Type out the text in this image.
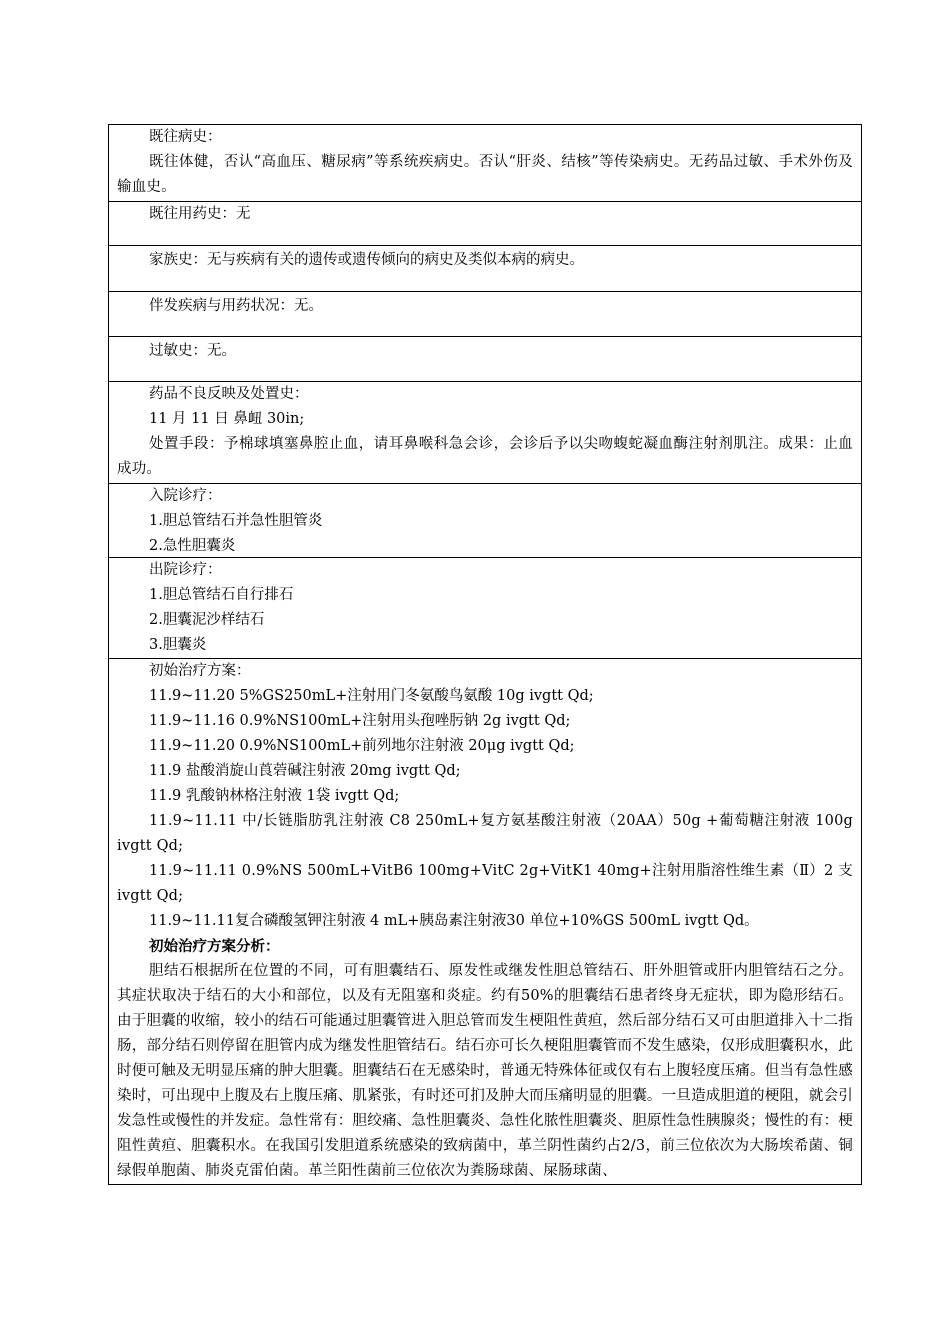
既往病史：
既往体健，否认“高血压、糖尿病”等系统疾病史。否认“肝炎、结核”等传染病史。无药品过敏、手术外伤及输血史。
既往用药史：无
家族史：无与疾病有关的遗传或遗传倾向的病史及类似本病的病史。
伴发疾病与用药状况：无。
过敏史：无。
药品不良反映及处置史：
11 月 11 日 鼻衄 30in;
处置手段：予棉球填塞鼻腔止血，请耳鼻喉科急会诊，会诊后予以尖吻蝮蛇凝血酶注射剂肌注。成果：止血成功。
入院诊疗：
1.胆总管结石并急性胆管炎
2.急性胆囊炎
出院诊疗：
1.胆总管结石自行排石
2.胆囊泥沙样结石
3.胆囊炎
初始治疗方案：
11.9~11.20 5%GS250mL+注射用门冬氨酸鸟氨酸 10g ivgtt Qd;
11.9~11.16 0.9%NS100mL+注射用头孢唑肟钠 2g ivgtt Qd;
11.9~11.20 0.9%NS100mL+前列地尔注射液 20μg ivgtt Qd;
11.9 盐酸消旋山莨菪碱注射液 20mg ivgtt Qd;
11.9 乳酸钠林格注射液 1袋 ivgtt Qd;
11.9~11.11 中/长链脂肪乳注射液 C8 250mL+复方氨基酸注射液（20AA）50g +葡萄糖注射液 100g ivgtt Qd;
11.9~11.11 0.9%NS 500mL+VitB6 100mg+VitC 2g+VitK1 40mg+注射用脂溶性维生素（Ⅱ）2 支 ivgtt Qd;
11.9~11.11复合磷酸氢钾注射液 4 mL+胰岛素注射液30 单位+10%GS 500mL ivgtt Qd。
初始治疗方案分析：
胆结石根据所在位置的不同，可有胆囊结石、原发性或继发性胆总管结石、肝外胆管或肝内胆管结石之分。其症状取决于结石的大小和部位，以及有无阻塞和炎症。约有50%的胆囊结石患者终身无症状，即为隐形结石。由于胆囊的收缩，较小的结石可能通过胆囊管进入胆总管而发生梗阻性黄疸，然后部分结石又可由胆道排入十二指肠，部分结石则停留在胆管内成为继发性胆管结石。结石亦可长久梗阻胆囊管而不发生感染，仅形成胆囊积水，此时便可触及无明显压痛的肿大胆囊。胆囊结石在无感染时，普通无特殊体征或仅有右上腹轻度压痛。但当有急性感染时，可出现中上腹及右上腹压痛、肌紧张，有时还可扪及肿大而压痛明显的胆囊。一旦造成胆道的梗阻，就会引发急性或慢性的并发症。急性常有：胆绞痛、急性胆囊炎、急性化脓性胆囊炎、胆原性急性胰腺炎；慢性的有：梗阻性黄疸、胆囊积水。在我国引发胆道系统感染的致病菌中，革兰阴性菌约占2/3，前三位依次为大肠埃希菌、铜绿假单胞菌、肺炎克雷伯菌。革兰阳性菌前三位依次为粪肠球菌、屎肠球菌、
